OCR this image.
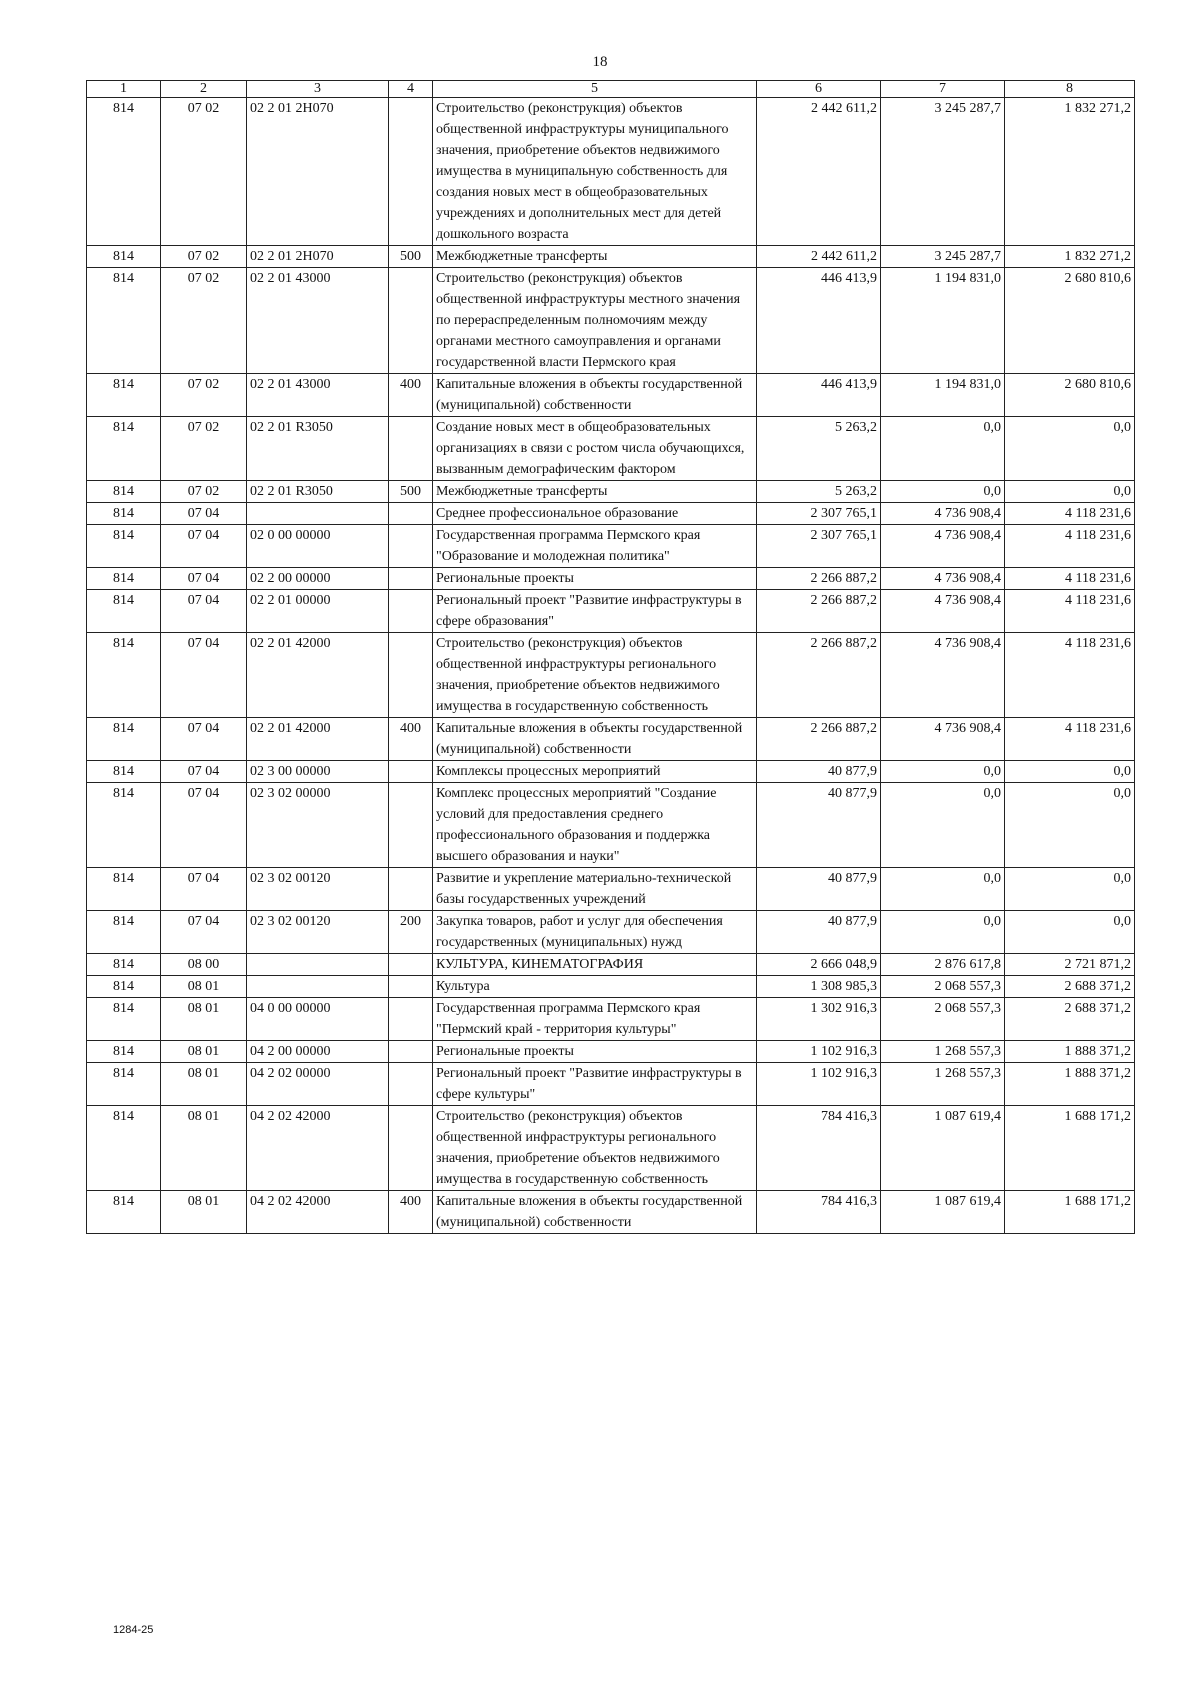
18
1	2	3	4	5	6	7	8
814	07 02	02 2 01 2Н070		Строительство (реконструкция) объектов общественной инфраструктуры муниципального значения, приобретение объектов недвижимого имущества в муниципальную собственность для создания новых мест в общеобразовательных учреждениях и дополнительных мест для детей дошкольного возраста	2 442 611,2	3 245 287,7	1 832 271,2
814	07 02	02 2 01 2Н070	500	Межбюджетные трансферты	2 442 611,2	3 245 287,7	1 832 271,2
814	07 02	02 2 01 43000		Строительство (реконструкция) объектов общественной инфраструктуры местного значения по перераспределенным полномочиям между органами местного самоуправления и органами государственной власти Пермского края	446 413,9	1 194 831,0	2 680 810,6
814	07 02	02 2 01 43000	400	Капитальные вложения в объекты государственной (муниципальной) собственности	446 413,9	1 194 831,0	2 680 810,6
814	07 02	02 2 01 R3050		Создание новых мест в общеобразовательных организациях в связи с ростом числа обучающихся, вызванным демографическим фактором	5 263,2	0,0	0,0
814	07 02	02 2 01 R3050	500	Межбюджетные трансферты	5 263,2	0,0	0,0
814	07 04			Среднее профессиональное образование	2 307 765,1	4 736 908,4	4 118 231,6
814	07 04	02 0 00 00000		Государственная программа Пермского края "Образование и молодежная политика"	2 307 765,1	4 736 908,4	4 118 231,6
814	07 04	02 2 00 00000		Региональные проекты	2 266 887,2	4 736 908,4	4 118 231,6
814	07 04	02 2 01 00000		Региональный проект "Развитие инфраструктуры в сфере образования"	2 266 887,2	4 736 908,4	4 118 231,6
814	07 04	02 2 01 42000		Строительство (реконструкция) объектов общественной инфраструктуры регионального значения, приобретение объектов недвижимого имущества в государственную собственность	2 266 887,2	4 736 908,4	4 118 231,6
814	07 04	02 2 01 42000	400	Капитальные вложения в объекты государственной (муниципальной) собственности	2 266 887,2	4 736 908,4	4 118 231,6
814	07 04	02 3 00 00000		Комплексы процессных мероприятий	40 877,9	0,0	0,0
814	07 04	02 3 02 00000		Комплекс процессных мероприятий "Создание условий для предоставления среднего профессионального образования и поддержка высшего образования и науки"	40 877,9	0,0	0,0
814	07 04	02 3 02 00120		Развитие и укрепление материально-технической базы государственных учреждений	40 877,9	0,0	0,0
814	07 04	02 3 02 00120	200	Закупка товаров, работ и услуг для обеспечения государственных (муниципальных) нужд	40 877,9	0,0	0,0
814	08 00			КУЛЬТУРА, КИНЕМАТОГРАФИЯ	2 666 048,9	2 876 617,8	2 721 871,2
814	08 01			Культура	1 308 985,3	2 068 557,3	2 688 371,2
814	08 01	04 0 00 00000		Государственная программа Пермского края "Пермский край - территория культуры"	1 302 916,3	2 068 557,3	2 688 371,2
814	08 01	04 2 00 00000		Региональные проекты	1 102 916,3	1 268 557,3	1 888 371,2
814	08 01	04 2 02 00000		Региональный проект "Развитие инфраструктуры в сфере культуры"	1 102 916,3	1 268 557,3	1 888 371,2
814	08 01	04 2 02 42000		Строительство (реконструкция) объектов общественной инфраструктуры регионального значения, приобретение объектов недвижимого имущества в государственную собственность	784 416,3	1 087 619,4	1 688 171,2
814	08 01	04 2 02 42000	400	Капитальные вложения в объекты государственной (муниципальной) собственности	784 416,3	1 087 619,4	1 688 171,2
1284-25
